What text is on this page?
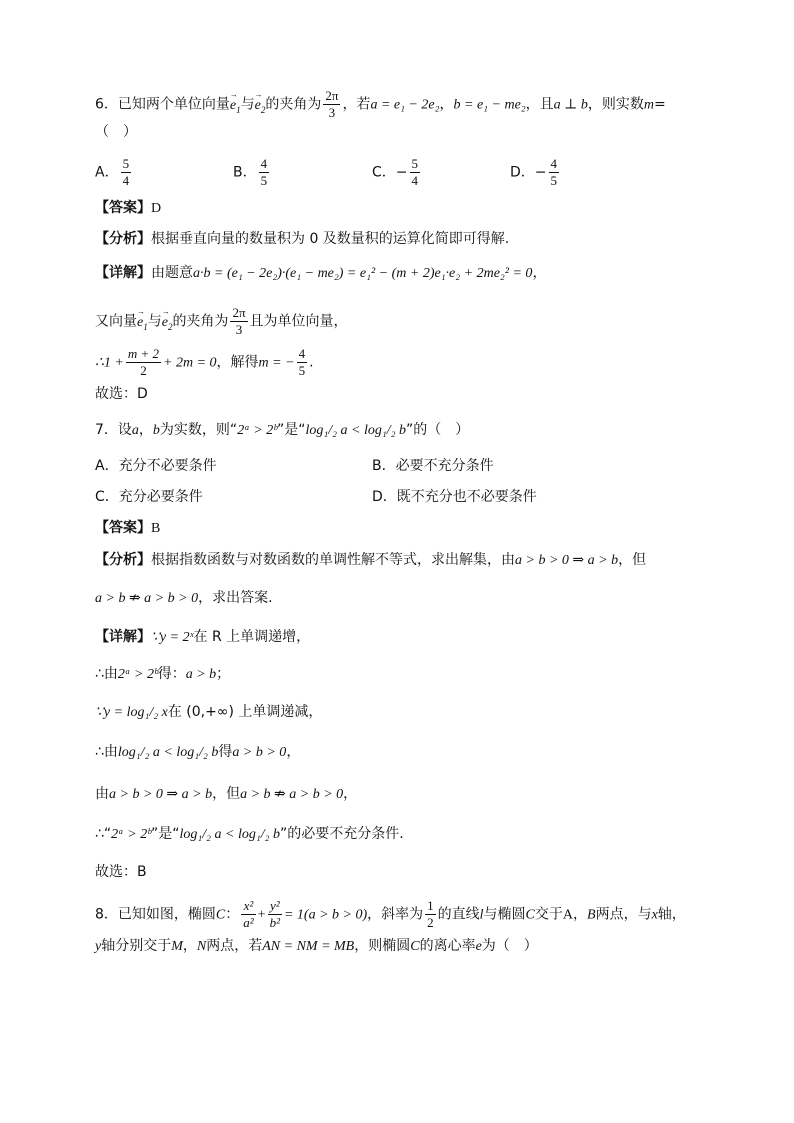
6．已知两个单位向量→ $e_1$与→ $e_2$的夹角为 $\frac{2\pi}{3}$ ，若a = e₁ − 2e₂，b = e₁ − me₂，且a ⊥ b，则实数m=
（　）
A． $\frac{5}{4}$	B． $\frac{4}{5}$	C．− $\frac{5}{4}$	D．− $\frac{4}{5}$
【答案】D
【分析】根据垂直向量的数量积为 0 及数量积的运算化简即可得解.
【详解】由题意a·b = (e₁ − 2e₂)·(e₁ − me₂) = e₁² − (m + 2)e₁·e₂ + 2me₂² = 0，
又向量→ $e_1$与→ $e_2$的夹角为 $\frac{2\pi}{3}$ 且为单位向量，
∴1 + $\frac{m + 2}{2} + 2m = 0$，解得m = − $\frac{4}{5}$ .
故选：D
7．设a，b为实数，则“2ᵃ > 2ᵇ”是“log₁/₂ a < log₁/₂ b”的（　）
A．充分不必要条件	B．必要不充分条件
C．充分必要条件	D．既不充分也不必要条件
【答案】B
【分析】根据指数函数与对数函数的单调性解不等式，求出解集，由a > b > 0 ⇒ a > b，但
a > b ⇏ a > b > 0，求出答案.
【详解】∵y = 2ˣ在 R 上单调递增，
∴由2ᵃ > 2ᵇ得：a > b；
∵y = log₁/₂ x在 (0,+∞) 上单调递减，
∴由log₁/₂ a < log₁/₂ b得a > b > 0，
由a > b > 0 ⇒ a > b，但a > b ⇏ a > b > 0，
∴“2ᵃ > 2ᵇ”是“log₁/₂ a < log₁/₂ b”的必要不充分条件.
故选：B
8．已知如图，椭圆C： $\frac{\text{x²}}{\text{a²}} + \frac{\text{y²}}{\text{b²}} = 1(a > b > 0)$，斜率为 $\frac{1}{2}$ 的直线l与椭圆C交于A，B两点，与x轴，
y轴分别交于M，N两点，若AN = NM = MB，则椭圆C的离心率e为（　）
